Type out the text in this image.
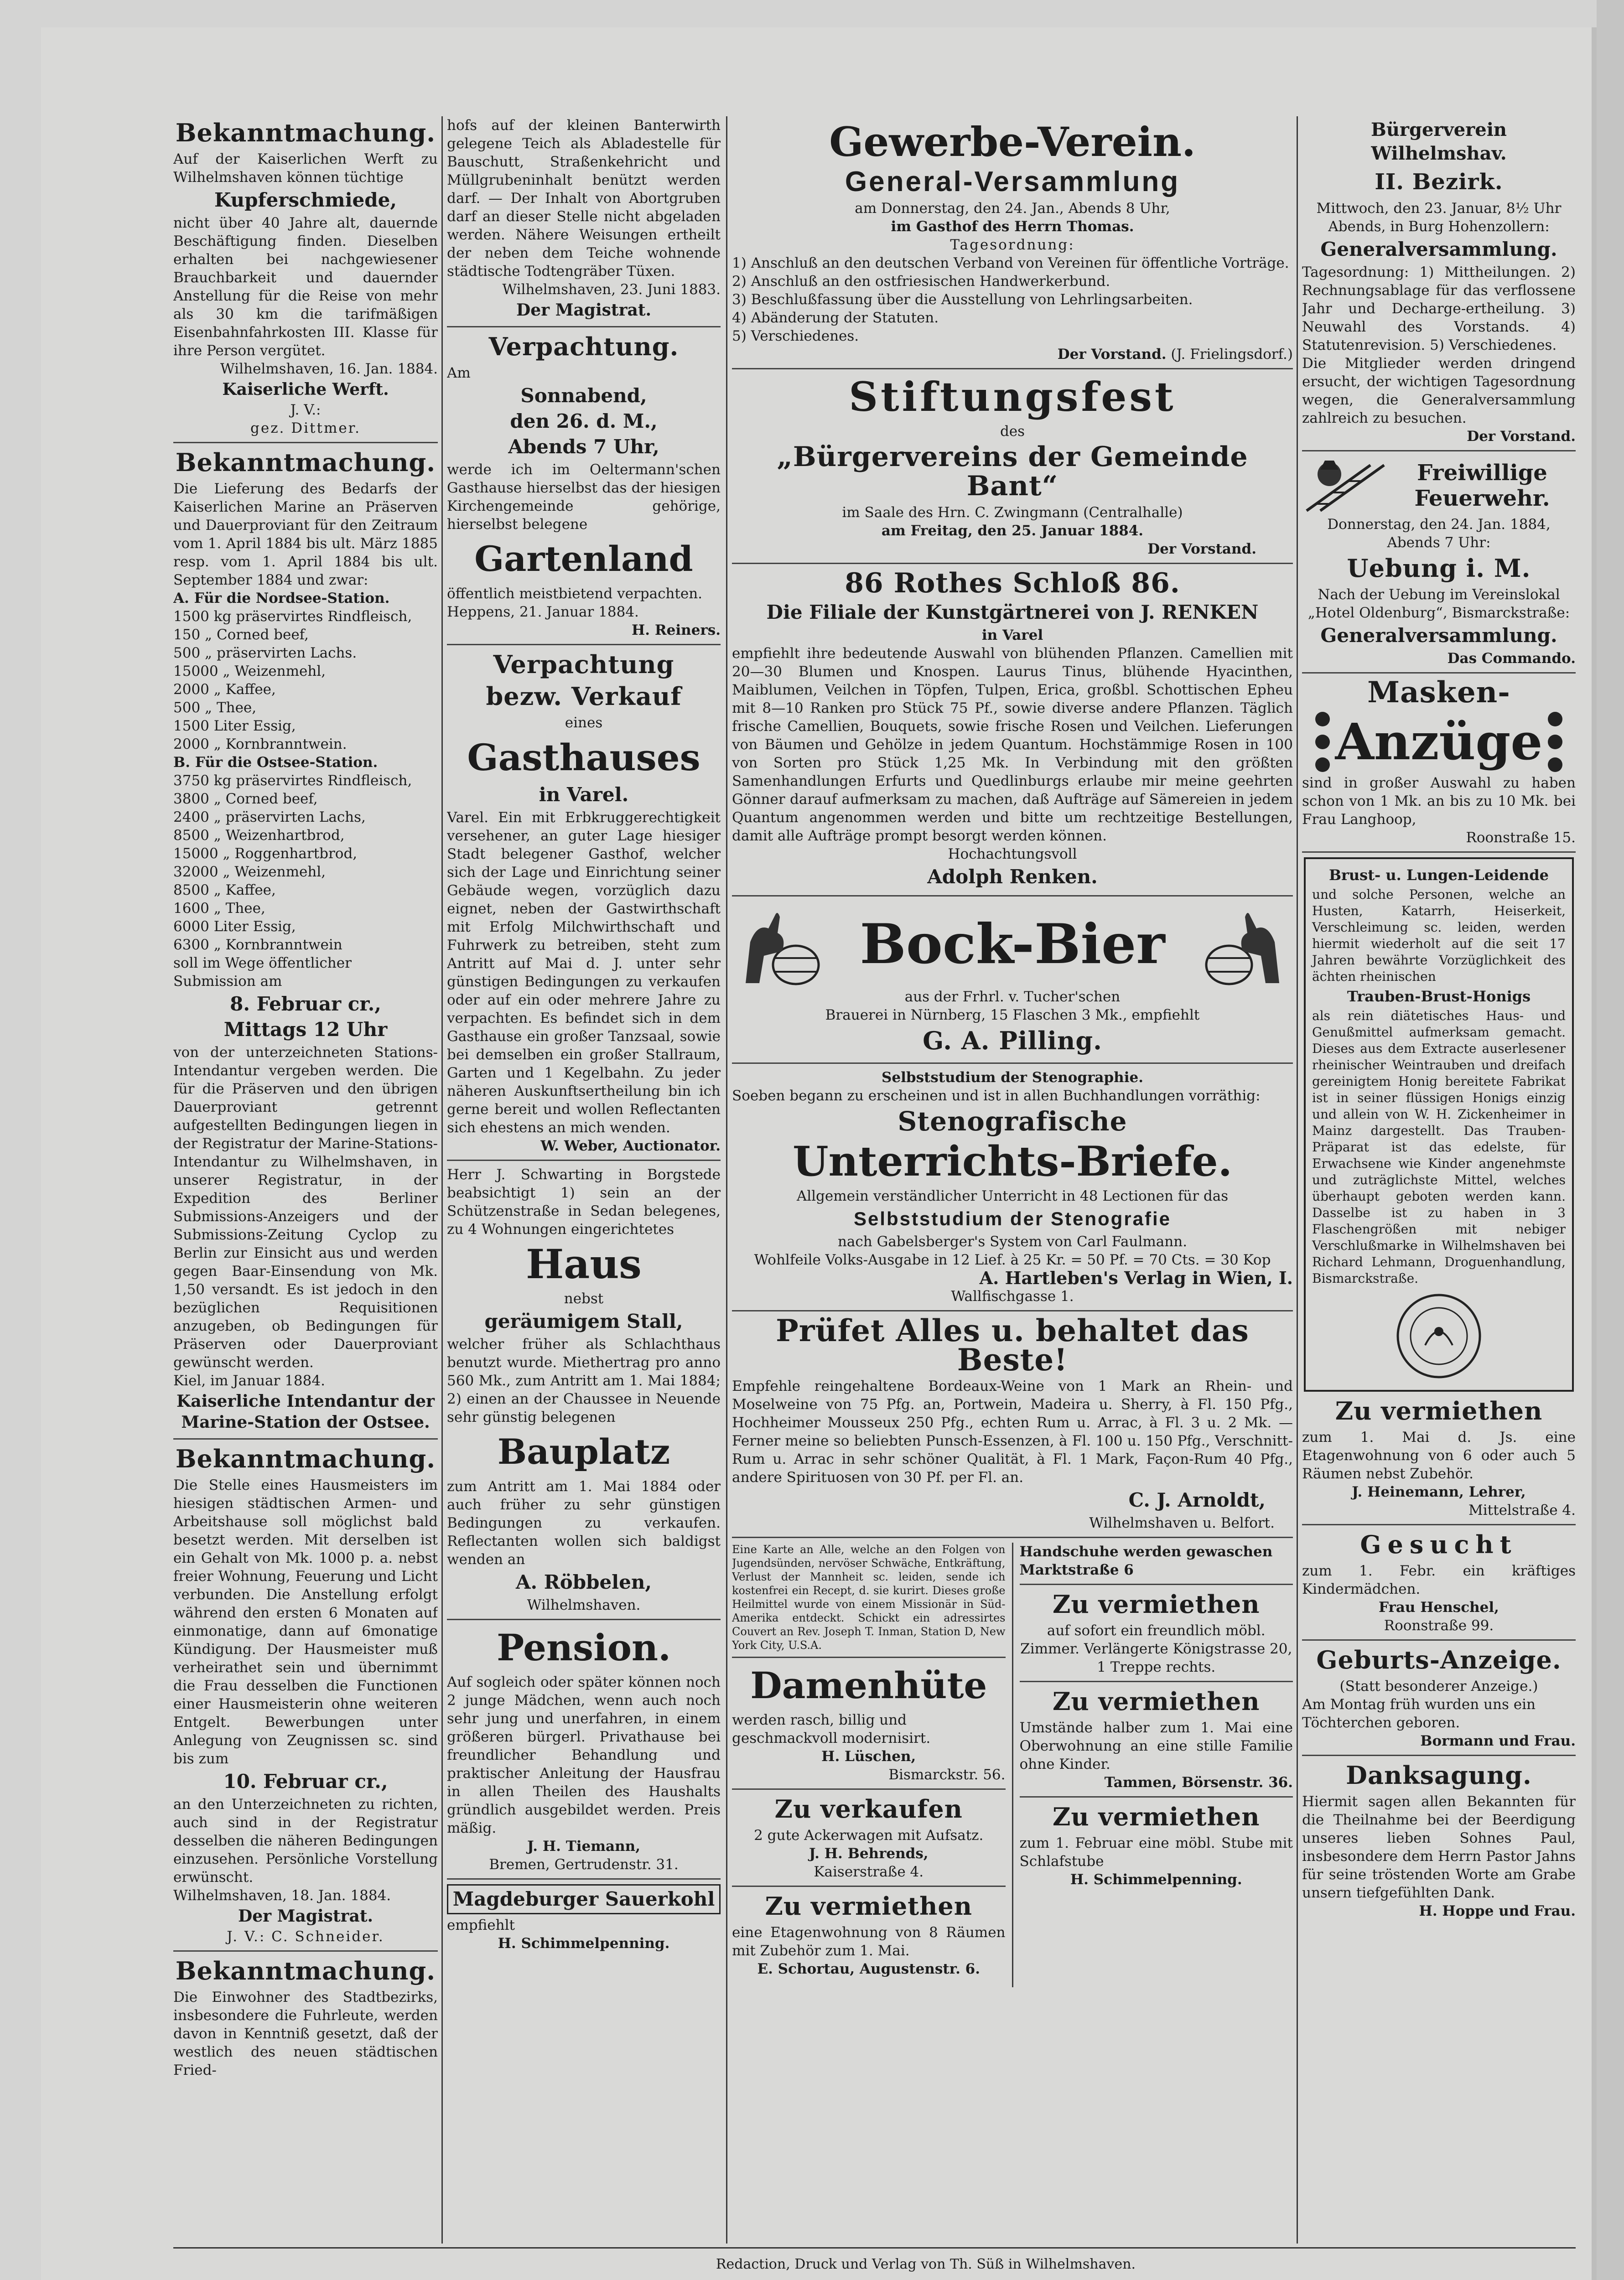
Bekanntmachung.

Auf der Kaiserlichen Werft zu Wilhelmshaven können tüchtige

Kupferschmiede,

nicht über 40 Jahre alt, dauernde Beschäftigung finden. Dieselben erhalten bei nachgewiesener Brauchbarkeit und dauernder Anstellung für die Reise von mehr als 30 km die tarifmäßigen Eisenbahnfahrkosten III. Klasse für ihre Person vergütet.

Wilhelmshaven, 16. Jan. 1884.

Kaiserliche Werft.

J. V.:

gez. Dittmer.

Bekanntmachung.

Die Lieferung des Bedarfs der Kaiserlichen Marine an Präserven und Dauerproviant für den Zeitraum vom 1. April 1884 bis ult. März 1885 resp. vom 1. April 1884 bis ult. September 1884 und zwar:

A. Für die Nordsee-Station.

1500 kg präservirtes Rindfleisch,

150 „ Corned beef,

500 „ präservirten Lachs.

15000 „ Weizenmehl,

2000 „ Kaffee,

500 „ Thee,

1500 Liter Essig,

2000 „ Kornbranntwein.

B. Für die Ostsee-Station.

3750 kg präservirtes Rindfleisch,

3800 „ Corned beef,

2400 „ präservirten Lachs,

8500 „ Weizenhartbrod,

15000 „ Roggenhartbrod,

32000 „ Weizenmehl,

8500 „ Kaffee,

1600 „ Thee,

6000 Liter Essig,

6300 „ Kornbranntwein

soll im Wege öffentlicher Submission am

8. Februar cr.,
Mittags 12 Uhr

von der unterzeichneten Stations-Intendantur vergeben werden. Die für die Präserven und den übrigen Dauerproviant getrennt aufgestellten Bedingungen liegen in der Registratur der Marine-Stations-Intendantur zu Wilhelmshaven, in unserer Registratur, in der Expedition des Berliner Submissions-Anzeigers und der Submissions-Zeitung Cyclop zu Berlin zur Einsicht aus und werden gegen Baar-Einsendung von Mk. 1,50 versandt. Es ist jedoch in den bezüglichen Requisitionen anzugeben, ob Bedingungen für Präserven oder Dauerproviant gewünscht werden.

Kiel, im Januar 1884.

Kaiserliche Intendantur der Marine-Station der Ostsee.
Bekanntmachung.

Die Stelle eines Hausmeisters im hiesigen städtischen Armen- und Arbeitshause soll möglichst bald besetzt werden. Mit derselben ist ein Gehalt von Mk. 1000 p. a. nebst freier Wohnung, Feuerung und Licht verbunden. Die Anstellung erfolgt während den ersten 6 Monaten auf einmonatige, dann auf 6monatige Kündigung. Der Hausmeister muß verheirathet sein und übernimmt die Frau desselben die Functionen einer Hausmeisterin ohne weiteren Entgelt. Bewerbungen unter Anlegung von Zeugnissen sc. sind bis zum

10. Februar cr.,

an den Unterzeichneten zu richten, auch sind in der Registratur desselben die näheren Bedingungen einzusehen. Persönliche Vorstellung erwünscht.

Wilhelmshaven, 18. Jan. 1884.

Der Magistrat.

J. V.: C. Schneider.

Bekanntmachung.

Die Einwohner des Stadtbezirks, insbesondere die Fuhrleute, werden davon in Kenntniß gesetzt, daß der westlich des neuen städtischen Fried-

hofs auf der kleinen Banterwirth gelegene Teich als Abladestelle für Bauschutt, Straßenkehricht und Müllgrubeninhalt benützt werden darf. — Der Inhalt von Abortgruben darf an dieser Stelle nicht abgeladen werden. Nähere Weisungen ertheilt der neben dem Teiche wohnende städtische Todtengräber Tüxen.

Wilhelmshaven, 23. Juni 1883.

Der Magistrat.
Verpachtung.

Am

Sonnabend,
den 26. d. M.,
Abends 7 Uhr,

werde ich im Oeltermann'schen Gasthause hierselbst das der hiesigen Kirchengemeinde gehörige, hierselbst belegene

Gartenland

öffentlich meistbietend verpachten.

Heppens, 21. Januar 1884.

H. Reiners.

Verpachtung
bezw. Verkauf

eines

Gasthauses
in Varel.

Varel. Ein mit Erbkruggerechtigkeit versehener, an guter Lage hiesiger Stadt belegener Gasthof, welcher sich der Lage und Einrichtung seiner Gebäude wegen, vorzüglich dazu eignet, neben der Gastwirthschaft mit Erfolg Milchwirthschaft und Fuhrwerk zu betreiben, steht zum Antritt auf Mai d. J. unter sehr günstigen Bedingungen zu verkaufen oder auf ein oder mehrere Jahre zu verpachten. Es befindet sich in dem Gasthause ein großer Tanzsaal, sowie bei demselben ein großer Stallraum, Garten und 1 Kegelbahn. Zu jeder näheren Auskunftsertheilung bin ich gerne bereit und wollen Reflectanten sich ehestens an mich wenden.

W. Weber, Auctionator.

Herr J. Schwarting in Borgstede beabsichtigt 1) sein an der Schützenstraße in Sedan belegenes, zu 4 Wohnungen eingerichtetes

Haus

nebst

geräumigem Stall,

welcher früher als Schlachthaus benutzt wurde. Miethertrag pro anno 560 Mk., zum Antritt am 1. Mai 1884; 2) einen an der Chaussee in Neuende sehr günstig belegenen

Bauplatz

zum Antritt am 1. Mai 1884 oder auch früher zu sehr günstigen Bedingungen zu verkaufen. Reflectanten wollen sich baldigst wenden an

A. Röbbelen,

Wilhelmshaven.

Pension.

Auf sogleich oder später können noch 2 junge Mädchen, wenn auch noch sehr jung und unerfahren, in einem größeren bürgerl. Privathause bei freundlicher Behandlung und praktischer Anleitung der Hausfrau in allen Theilen des Haushalts gründlich ausgebildet werden. Preis mäßig.

J. H. Tiemann,

Bremen, Gertrudenstr. 31.

Magdeburger Sauerkohl

empfiehlt

H. Schimmelpenning.

Gewerbe-Verein.
General-Versammlung

am Donnerstag, den 24. Jan., Abends 8 Uhr,

im Gasthof des Herrn Thomas.

Tagesordnung:

1) Anschluß an den deutschen Verband von Vereinen für öffentliche Vorträge.

2) Anschluß an den ostfriesischen Handwerkerbund.

3) Beschlußfassung über die Ausstellung von Lehrlingsarbeiten.

4) Abänderung der Statuten.

5) Verschiedenes.

Der Vorstand. (J. Frielingsdorf.)

Stiftungsfest

des

„Bürgervereins der Gemeinde Bant“

im Saale des Hrn. C. Zwingmann (Centralhalle)

am Freitag, den 25. Januar 1884.

Der Vorstand.

86 Rothes Schloß 86.
Die Filiale der Kunstgärtnerei von J. RENKEN

in Varel

empfiehlt ihre bedeutende Auswahl von blühenden Pflanzen. Camellien mit 20—30 Blumen und Knospen. Laurus Tinus, blühende Hyacinthen, Maiblumen, Veilchen in Töpfen, Tulpen, Erica, großbl. Schottischen Epheu mit 8—10 Ranken pro Stück 75 Pf., sowie diverse andere Pflanzen. Täglich frische Camellien, Bouquets, sowie frische Rosen und Veilchen. Lieferungen von Bäumen und Gehölze in jedem Quantum. Hochstämmige Rosen in 100 von Sorten pro Stück 1,25 Mk. In Verbindung mit den größten Samenhandlungen Erfurts und Quedlinburgs erlaube mir meine geehrten Gönner darauf aufmerksam zu machen, daß Aufträge auf Sämereien in jedem Quantum angenommen werden und bitte um rechtzeitige Bestellungen, damit alle Aufträge prompt besorgt werden können.

Hochachtungsvoll

Adolph Renken.
Bock-Bier

aus der Frhrl. v. Tucher'schen

Brauerei in Nürnberg, 15 Flaschen 3 Mk., empfiehlt

G. A. Pilling.

Selbststudium der Stenographie.

Soeben begann zu erscheinen und ist in allen Buchhandlungen vorräthig:

Stenografische
Unterrichts-Briefe.

Allgemein verständlicher Unterricht in 48 Lectionen für das

Selbststudium der Stenografie

nach Gabelsberger's System von Carl Faulmann.

Wohlfeile Volks-Ausgabe in 12 Lief. à 25 Kr. = 50 Pf. = 70 Cts. = 30 Kop

A. Hartleben's Verlag in Wien, I.

Wallfischgasse 1.

Prüfet Alles u. behaltet das Beste!

Empfehle reingehaltene Bordeaux-Weine von 1 Mark an Rhein- und Moselweine von 75 Pfg. an, Portwein, Madeira u. Sherry, à Fl. 150 Pfg., Hochheimer Mousseux 250 Pfg., echten Rum u. Arrac, à Fl. 3 u. 2 Mk. — Ferner meine so beliebten Punsch-Essenzen, à Fl. 100 u. 150 Pfg., Verschnitt-Rum u. Arrac in sehr schöner Qualität, à Fl. 1 Mark, Façon-Rum 40 Pfg., andere Spirituosen von 30 Pf. per Fl. an.

C. J. Arnoldt,

Wilhelmshaven u. Belfort.

Eine Karte an Alle, welche an den Folgen von Jugendsünden, nervöser Schwäche, Entkräftung, Verlust der Mannheit sc. leiden, sende ich kostenfrei ein Recept, d. sie kurirt. Dieses große Heilmittel wurde von einem Missionär in Süd-Amerika entdeckt. Schickt ein adressirtes Couvert an Rev. Joseph T. Inman, Station D, New York City, U.S.A.

Damenhüte

werden rasch, billig und geschmackvoll modernisirt.

H. Lüschen,

Bismarckstr. 56.

Zu verkaufen

2 gute Ackerwagen mit Aufsatz.

J. H. Behrends,

Kaiserstraße 4.

Zu vermiethen

eine Etagenwohnung von 8 Räumen mit Zubehör zum 1. Mai.

E. Schortau, Augustenstr. 6.

Handschuhe werden gewaschen Marktstraße 6

Zu vermiethen

auf sofort ein freundlich möbl. Zimmer. Verlängerte Königstrasse 20, 1 Treppe rechts.

Zu vermiethen

Umstände halber zum 1. Mai eine Oberwohnung an eine stille Familie ohne Kinder.

Tammen, Börsenstr. 36.

Zu vermiethen

zum 1. Februar eine möbl. Stube mit Schlafstube

H. Schimmelpenning.

Bürgerverein Wilhelmshav.
II. Bezirk.

Mittwoch, den 23. Januar, 8½ Uhr Abends, in Burg Hohenzollern:

Generalversammlung.

Tagesordnung: 1) Mittheilungen. 2) Rechnungsablage für das verflossene Jahr und Decharge-ertheilung. 3) Neuwahl des Vorstands. 4) Statutenrevision. 5) Verschiedenes.

Die Mitglieder werden dringend ersucht, der wichtigen Tagesordnung wegen, die Generalversammlung zahlreich zu besuchen.

Der Vorstand.

Freiwillige
Feuerwehr.

Donnerstag, den 24. Jan. 1884, Abends 7 Uhr:

Uebung i. M.

Nach der Uebung im Vereinslokal „Hotel Oldenburg“, Bismarckstraße:

Generalversammlung.

Das Commando.

Masken-
Anzüge

sind in großer Auswahl zu haben schon von 1 Mk. an bis zu 10 Mk. bei Frau Langhoop,

Roonstraße 15.

Brust- u. Lungen-Leidende

und solche Personen, welche an Husten, Katarrh, Heiserkeit, Verschleimung sc. leiden, werden hiermit wiederholt auf die seit 17 Jahren bewährte Vorzüglichkeit des ächten rheinischen

Trauben-Brust-Honigs

als rein diätetisches Haus- und Genußmittel aufmerksam gemacht. Dieses aus dem Extracte auserlesener rheinischer Weintrauben und dreifach gereinigtem Honig bereitete Fabrikat ist in seiner flüssigen Honigs einzig und allein von W. H. Zickenheimer in Mainz dargestellt. Das Trauben-Präparat ist das edelste, für Erwachsene wie Kinder angenehmste und zuträglichste Mittel, welches überhaupt geboten werden kann. Dasselbe ist zu haben in 3 Flaschengrößen mit nebiger Verschlußmarke in Wilhelmshaven bei Richard Lehmann, Droguenhandlung, Bismarckstraße.

Zu vermiethen

zum 1. Mai d. Js. eine Etagenwohnung von 6 oder auch 5 Räumen nebst Zubehör.

J. Heinemann, Lehrer,

Mittelstraße 4.

Gesucht

zum 1. Febr. ein kräftiges Kindermädchen.

Frau Henschel,

Roonstraße 99.

Geburts-Anzeige.

(Statt besonderer Anzeige.)

Am Montag früh wurden uns ein Töchterchen geboren.

Bormann und Frau.

Danksagung.

Hiermit sagen allen Bekannten für die Theilnahme bei der Beerdigung unseres lieben Sohnes Paul, insbesondere dem Herrn Pastor Jahns für seine tröstenden Worte am Grabe unsern tiefgefühlten Dank.

H. Hoppe und Frau.

Redaction, Druck und Verlag von Th. Süß in Wilhelmshaven.
